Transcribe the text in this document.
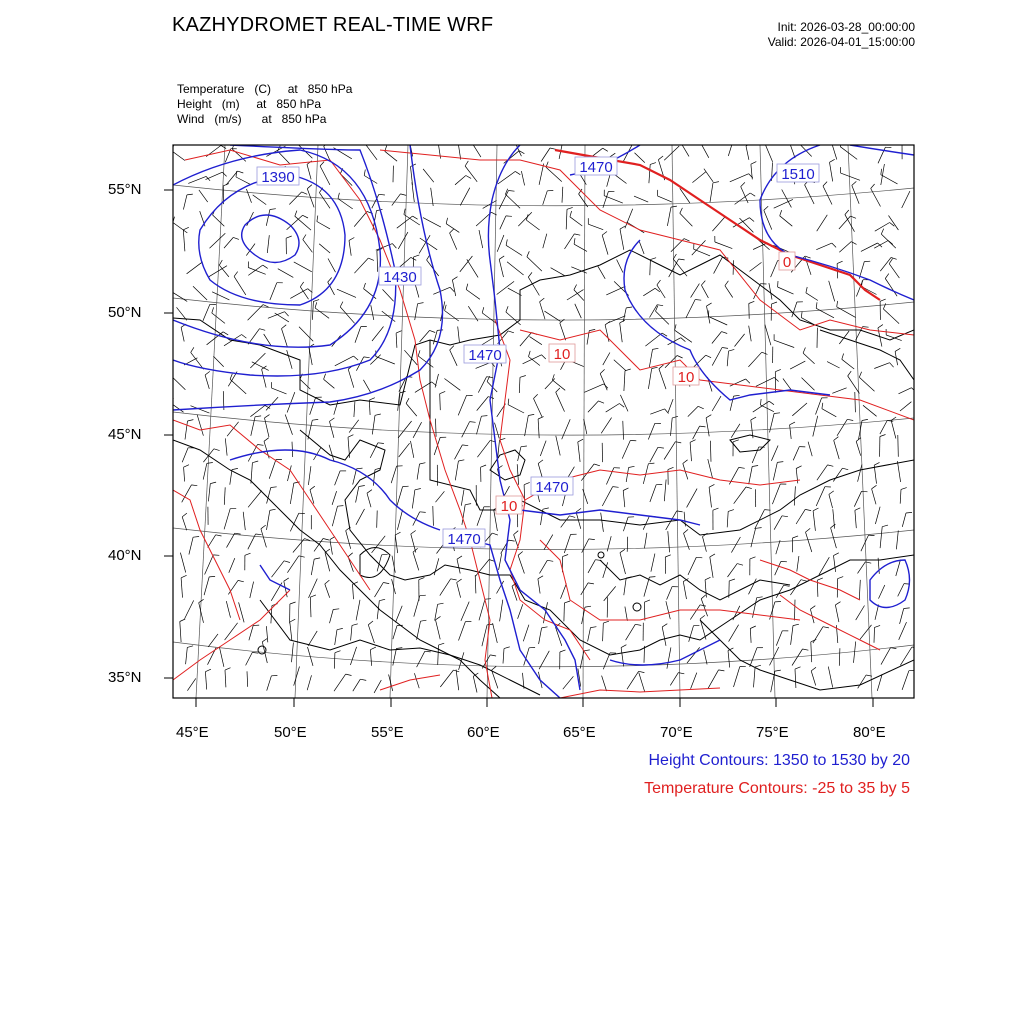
KAZHYDROMET REAL-TIME WRF	Init: 2026-03-28_00:00:00
Valid: 2026-04-01_15:00:00
Temperature   (C)     at   850 hPa
Height   (m)     at   850 hPa
Wind   (m/s)      at   850 hPa
1390
1430
1470	1510
1470
1470
1470
10
10
10
0
55°N
50°N
45°N
40°N
35°N
45°E	50°E	55°E	60°E	65°E	70°E	75°E	80°E
Height Contours: 1350 to 1530 by 20
Temperature Contours: -25 to 35 by 5
